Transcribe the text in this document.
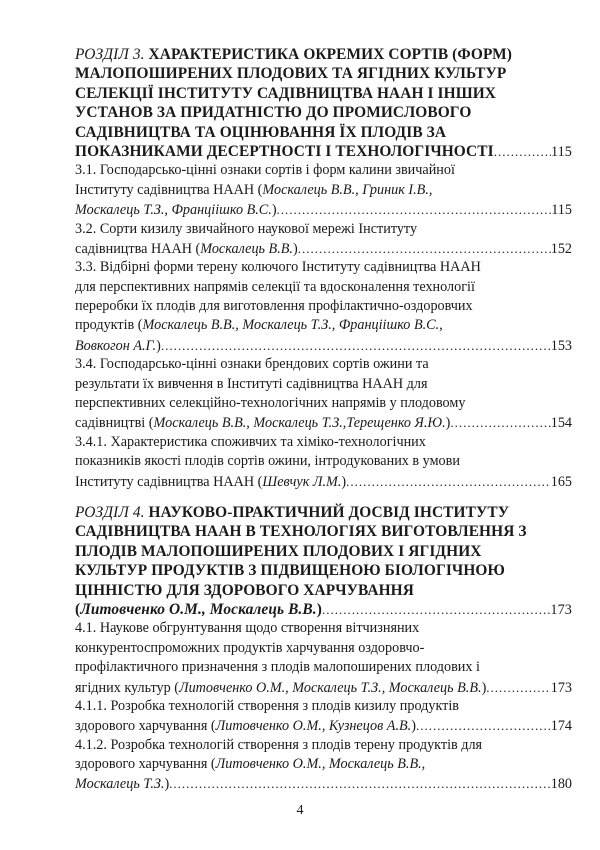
РОЗДІЛ 3. ХАРАКТЕРИСТИКА ОКРЕМИХ СОРТІВ (ФОРМ)
МАЛОПОШИРЕНИХ ПЛОДОВИХ ТА ЯГІДНИХ КУЛЬТУР
СЕЛЕКЦІЇ ІНСТИТУТУ САДІВНИЦТВА НААН І ІНШИХ
УСТАНОВ ЗА ПРИДАТНІСТЮ ДО ПРОМИСЛОВОГО
САДІВНИЦТВА ТА ОЦІНЮВАННЯ ЇХ ПЛОДІВ ЗА
ПОКАЗНИКАМИ ДЕСЕРТНОСТІ І ТЕХНОЛОГІЧНОСТІ .....	115
3.1. Господарсько-цінні ознаки сортів і форм калини звичайної
Інституту садівництва НААН (Москалець В.В., Гриник І.В.,
Москалець Т.З., Франціішко В.С.) .....	115
3.2. Сорти кизилу звичайного наукової мережі Інституту
садівництва НААН (Москалець В.В.) .....	152
3.3. Відбірні форми терену колючого Інституту садівництва НААН
для перспективних напрямів селекції та вдосконалення технології
переробки їх плодів для виготовлення профілактично-оздоровчих
продуктів (Москалець В.В., Москалець Т.З., Франціішко В.С.,
Вовкогон А.Г.) .....	153
3.4. Господарсько-цінні ознаки брендових сортів ожини та
результати їх вивчення в Інституті садівництва НААН для
перспективних селекційно-технологічних напрямів у плодовому
садівництві (Москалець В.В., Москалець Т.З.,Терещенко Я.Ю.) .....	154
3.4.1. Характеристика споживчих та хіміко-технологічних
показників якості плодів сортів ожини, інтродукованих в умови
Інституту садівництва НААН (Шевчук Л.М.) .....	165
РОЗДІЛ 4. НАУКОВО-ПРАКТИЧНИЙ ДОСВІД ІНСТИТУТУ
САДІВНИЦТВА НААН В ТЕХНОЛОГІЯХ ВИГОТОВЛЕННЯ З
ПЛОДІВ МАЛОПОШИРЕНИХ ПЛОДОВИХ І ЯГІДНИХ
КУЛЬТУР ПРОДУКТІВ З ПІДВИЩЕНОЮ БІОЛОГІЧНОЮ
ЦІННІСТЮ ДЛЯ ЗДОРОВОГО ХАРЧУВАННЯ
(Литовченко О.М., Москалець В.В.) .....	173
4.1. Наукове обгрунтування щодо створення вітчизняних
конкурентоспроможних продуктів харчування оздоровчо-
профілактичного призначення з плодів малопоширених плодових і
ягідних культур (Литовченко О.М., Москалець Т.З., Москалець В.В.) .....	173
4.1.1. Розробка технологій створення з плодів кизилу продуктів
здорового харчування (Литовченко О.М., Кузнецов А.В.) .....	174
4.1.2. Розробка технологій створення з плодів терену продуктів для
здорового харчування (Литовченко О.М., Москалець В.В.,
Москалець Т.З.) .....	180
4
